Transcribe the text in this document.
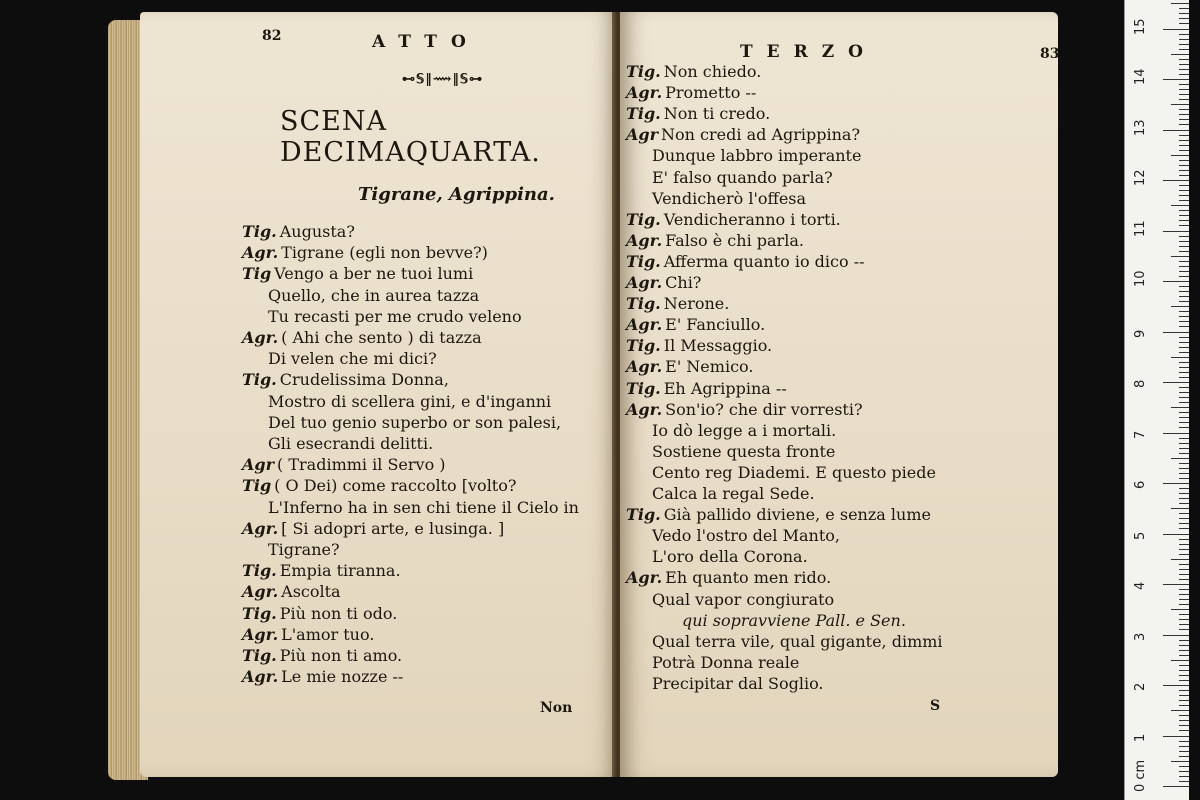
82	ATTO
⊷𝕊‖⟿‖𝕊⊶
SCENA DECIMAQUARTA.
Tigrane, Agrippina.
Tig. Augusta?
Agr. Tigrane (egli non bevve?)
Tig Vengo a ber ne tuoi lumi
Quello, che in aurea tazza
Tu recasti per me crudo veleno
Agr. ( Ahi che sento ) di tazza
Di velen che mi dici?
Tig. Crudelissima Donna,
Mostro di scellera gini, e d'inganni
Del tuo genio superbo or son palesi,
Gli esecrandi delitti.
Agr ( Tradimmi il Servo )
Tig ( O Dei) come raccolto [volto?
L'Inferno ha in sen chi tiene il Cielo in
Agr. [ Si adopri arte, e lusinga. ]
Tigrane?
Tig. Empia tiranna.
Agr. Ascolta
Tig. Più non ti odo.
Agr. L'amor tuo.
Tig. Più non ti amo.
Agr. Le mie nozze --
Non
TERZO	83
Tig. Non chiedo.
Agr. Prometto --
Tig. Non ti credo.
Agr Non credi ad Agrippina?
Dunque labbro imperante
E' falso quando parla?
Vendicherò l'offesa
Tig. Vendicheranno i torti.
Agr. Falso è chi parla.
Tig. Afferma quanto io dico --
Agr. Chi?
Tig. Nerone.
Agr. E' Fanciullo.
Tig. Il Messaggio.
Agr. E' Nemico.
Tig. Eh Agrippina --
Agr. Son'io? che dir vorresti?
Io dò legge a i mortali.
Sostiene questa fronte
Cento reg Diademi. E questo piede
Calca la regal Sede.
Tig. Già pallido diviene, e senza lume
Vedo l'ostro del Manto,
L'oro della Corona.
Agr. Eh quanto men rido.
Qual vapor congiurato
qui sopravviene Pall. e Sen.
Qual terra vile, qual gigante, dimmi
Potrà Donna reale
Precipitar dal Soglio.
S
0 cm
1
2
3
4
5
6
7
8
9
10
11
12
13
14
15
